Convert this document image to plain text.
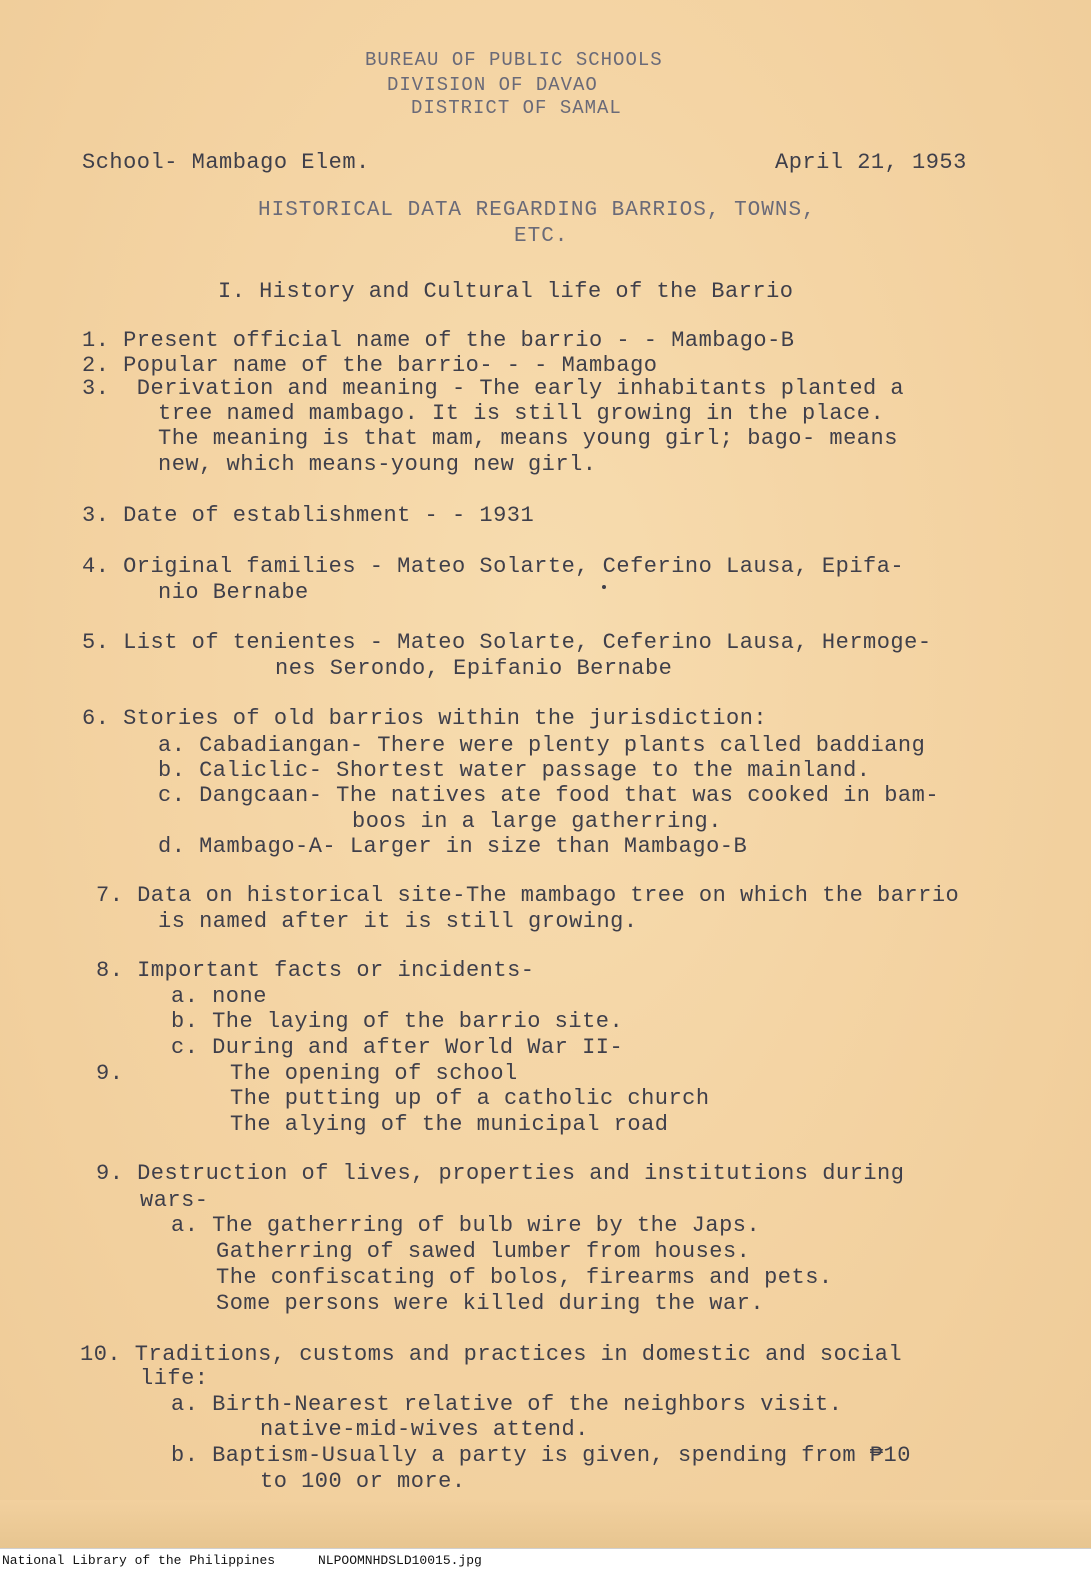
BUREAU OF PUBLIC SCHOOLS
DIVISION OF DAVAO
DISTRICT OF SAMAL
School- Mambago Elem.	April 21, 1953
HISTORICAL DATA REGARDING BARRIOS, TOWNS,
ETC.
I. History and Cultural life of the Barrio
1. Present official name of the barrio - - Mambago-B
2. Popular name of the barrio- - - Mambago
3.  Derivation and meaning - The early inhabitants planted a
tree named mambago. It is still growing in the place.
The meaning is that mam, means young girl; bago- means
new, which means-young new girl.
3. Date of establishment - - 1931
4. Original families - Mateo Solarte, Ceferino Lausa, Epifa-
nio Bernabe
5. List of tenientes - Mateo Solarte, Ceferino Lausa, Hermoge-
nes Serondo, Epifanio Bernabe
6. Stories of old barrios within the jurisdiction:
a. Cabadiangan- There were plenty plants called baddiang
b. Caliclic- Shortest water passage to the mainland.
c. Dangcaan- The natives ate food that was cooked in bam-
boos in a large gatherring.
d. Mambago-A- Larger in size than Mambago-B
7. Data on historical site-The mambago tree on which the barrio
is named after it is still growing.
8. Important facts or incidents-
a. none
b. The laying of the barrio site.
c. During and after World War II-
9.	The opening of school
The putting up of a catholic church
The alying of the municipal road
9. Destruction of lives, properties and institutions during
wars-
a. The gatherring of bulb wire by the Japs.
Gatherring of sawed lumber from houses.
The confiscating of bolos, firearms and pets.
Some persons were killed during the war.
10. Traditions, customs and practices in domestic and social
life:
a. Birth-Nearest relative of the neighbors visit.
native-mid-wives attend.
b. Baptism-Usually a party is given, spending from ₱10
to 100 or more.
National Library of the Philippines	NLPOOMNHDSLD10015.jpg
